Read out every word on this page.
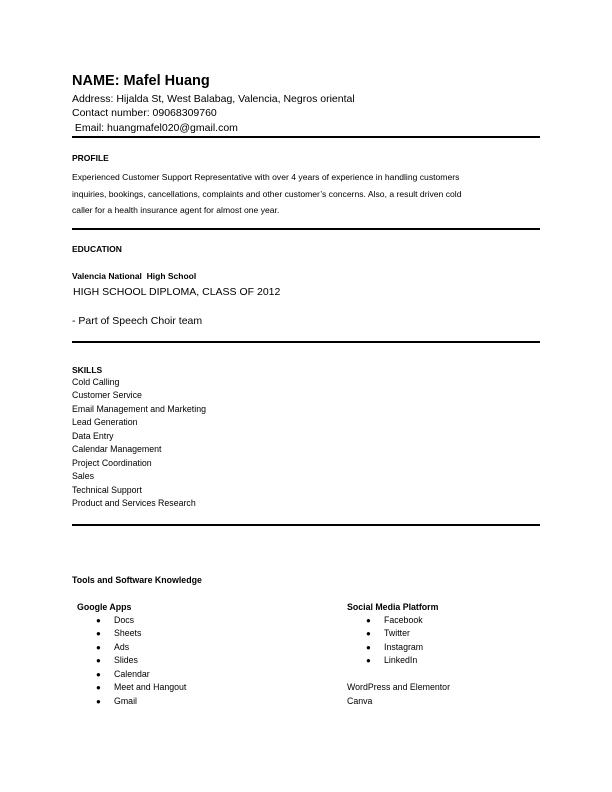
NAME: Mafel Huang
Address: Hijalda St, West Balabag, Valencia, Negros oriental
Contact number: 09068309760
Email: huangmafel020@gmail.com
PROFILE

Experienced Customer Support Representative with over 4 years of experience in handling customers

inquiries, bookings, cancellations, complaints and other customer’s concerns. Also, a result driven cold

caller for a health insurance agent for almost one year.

EDUCATION
Valencia National  High School
HIGH SCHOOL DIPLOMA, CLASS OF 2012
- Part of Speech Choir team
SKILLS
Cold Calling
Customer Service
Email Management and Marketing
Lead Generation
Data Entry
Calendar Management
Project Coordination
Sales
Technical Support
Product and Services Research
Tools and Software Knowledge
Google Apps
● Docs
● Sheets
● Ads
● Slides
● Calendar
● Meet and Hangout
● Gmail
Social Media Platform
● Facebook
● Twitter
● Instagram
● LinkedIn
WordPress and Elementor
Canva
